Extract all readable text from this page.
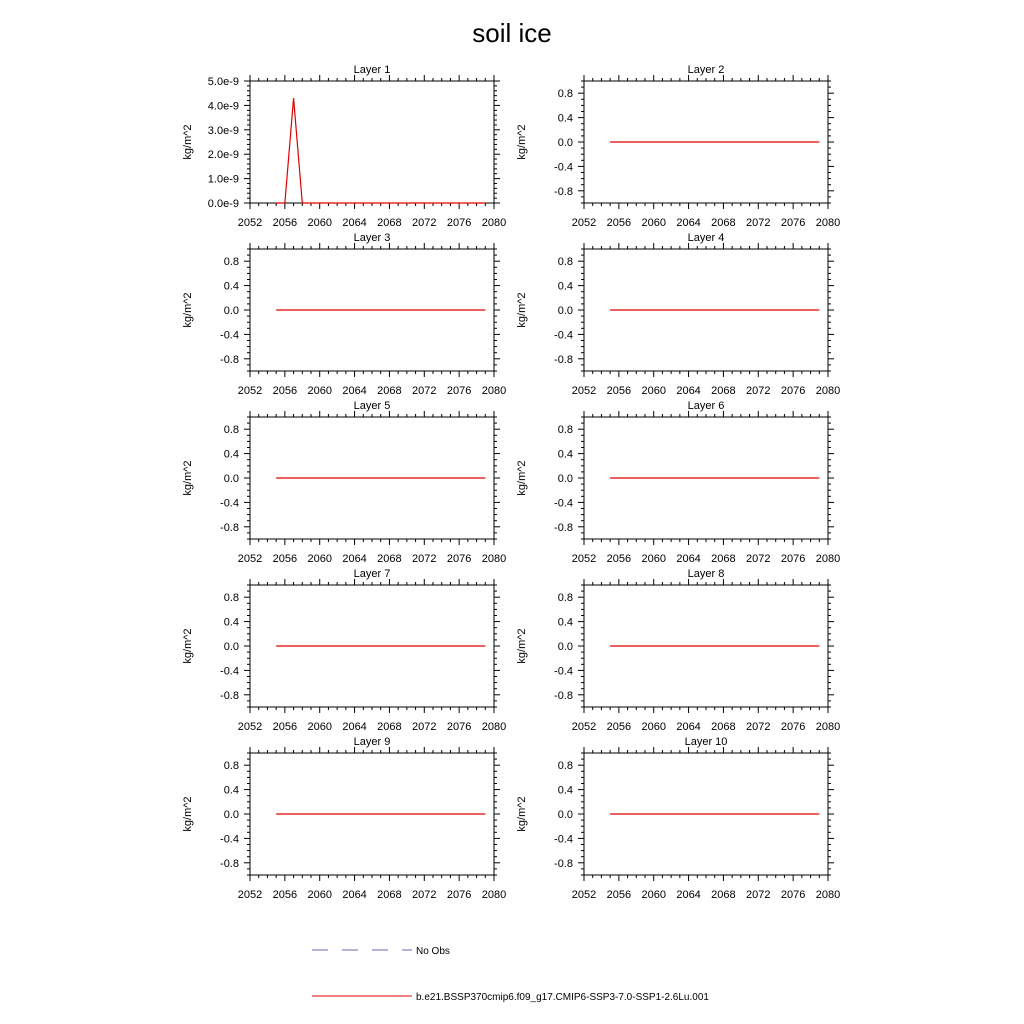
soil ice
Layer 1
2052 2056 2060 2064 2068 2072 2076 2080
0.0e-9
1.0e-9
2.0e-9
3.0e-9
4.0e-9
5.0e-9
kg/m^2
Layer 2
2052 2056 2060 2064 2068 2072 2076 2080
-0.8
-0.4
0.0
0.4
0.8
kg/m^2
Layer 3
2052 2056 2060 2064 2068 2072 2076 2080
-0.8
-0.4
0.0
0.4
0.8
kg/m^2
Layer 4
2052 2056 2060 2064 2068 2072 2076 2080
-0.8
-0.4
0.0
0.4
0.8
kg/m^2
Layer 5
2052 2056 2060 2064 2068 2072 2076 2080
-0.8
-0.4
0.0
0.4
0.8
kg/m^2
Layer 6
2052 2056 2060 2064 2068 2072 2076 2080
-0.8
-0.4
0.0
0.4
0.8
kg/m^2
Layer 7
2052 2056 2060 2064 2068 2072 2076 2080
-0.8
-0.4
0.0
0.4
0.8
kg/m^2
Layer 8
2052 2056 2060 2064 2068 2072 2076 2080
-0.8
-0.4
0.0
0.4
0.8
kg/m^2
Layer 9
2052 2056 2060 2064 2068 2072 2076 2080
-0.8
-0.4
0.0
0.4
0.8
kg/m^2
Layer 10
2052 2056 2060 2064 2068 2072 2076 2080
-0.8
-0.4
0.0
0.4
0.8
kg/m^2
No Obs
b.e21.BSSP370cmip6.f09_g17.CMIP6-SSP3-7.0-SSP1-2.6Lu.001
